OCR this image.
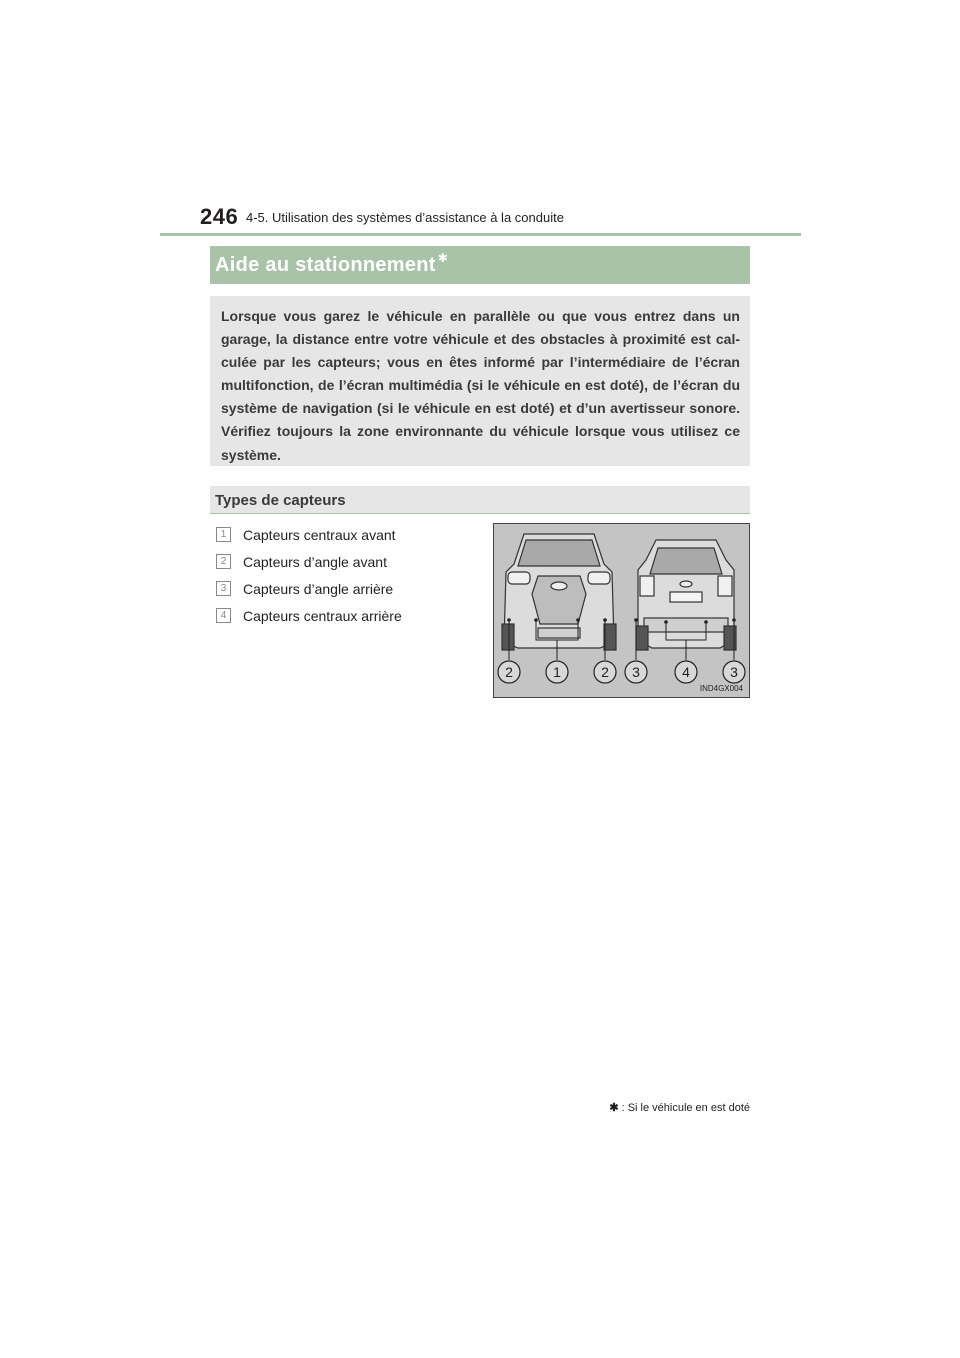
246 4-5. Utilisation des systèmes d’assistance à la conduite
Aide au stationnement ✱
Lorsque vous garez le véhicule en parallèle ou que vous entrez dans un garage, la distance entre votre véhicule et des obstacles à proximité est cal-culée par les capteurs; vous en êtes informé par l’intermédiaire de l’écran multifonction, de l’écran multimédia (si le véhicule en est doté), de l’écran du système de navigation (si le véhicule en est doté) et d’un avertisseur sonore. Vérifiez toujours la zone environnante du véhicule lorsque vous utilisez ce système.
Types de capteurs
1	Capteurs centraux avant
2	Capteurs d’angle avant
3	Capteurs d’angle arrière
4	Capteurs centraux arrière
2	1	2 3	4	3
IND4GX004
✱ : Si le véhicule en est doté
